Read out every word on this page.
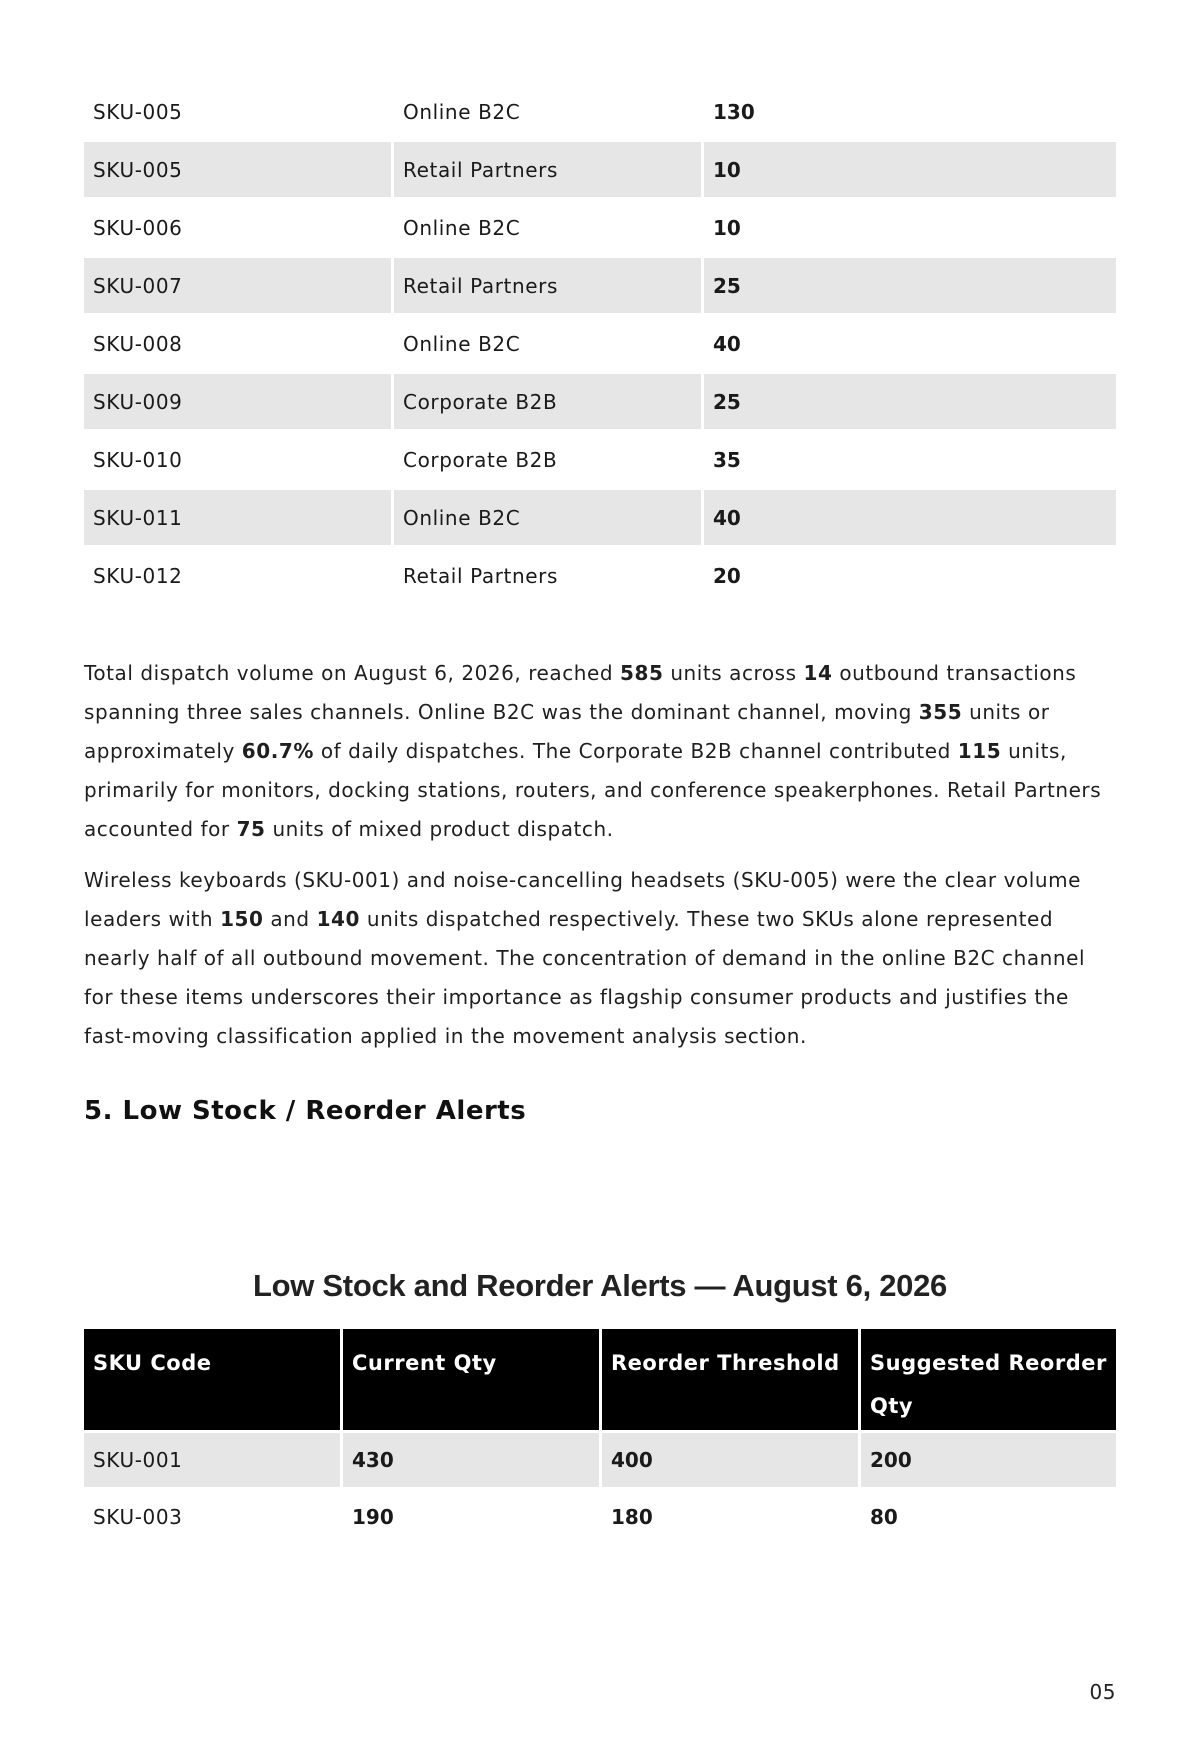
SKU-005	Online B2C	130
SKU-005	Retail Partners	10
SKU-006	Online B2C	10
SKU-007	Retail Partners	25
SKU-008	Online B2C	40
SKU-009	Corporate B2B	25
SKU-010	Corporate B2B	35
SKU-011	Online B2C	40
SKU-012	Retail Partners	20

Total dispatch volume on August 6, 2026, reached 585 units across 14 outbound transactions spanning three sales channels. Online B2C was the dominant channel, moving 355 units or approximately 60.7% of daily dispatches. The Corporate B2B channel contributed 115 units, primarily for monitors, docking stations, routers, and conference speakerphones. Retail Partners accounted for 75 units of mixed product dispatch.

Wireless keyboards (SKU-001) and noise-cancelling headsets (SKU-005) were the clear volume leaders with 150 and 140 units dispatched respectively. These two SKUs alone represented nearly half of all outbound movement. The concentration of demand in the online B2C channel for these items underscores their importance as flagship consumer products and justifies the fast-moving classification applied in the movement analysis section.

5. Low Stock / Reorder Alerts
Low Stock and Reorder Alerts — August 6, 2026
SKU Code	Current Qty	Reorder Threshold	Suggested Reorder Qty
SKU-001	430	400	200
SKU-003	190	180	80
05
